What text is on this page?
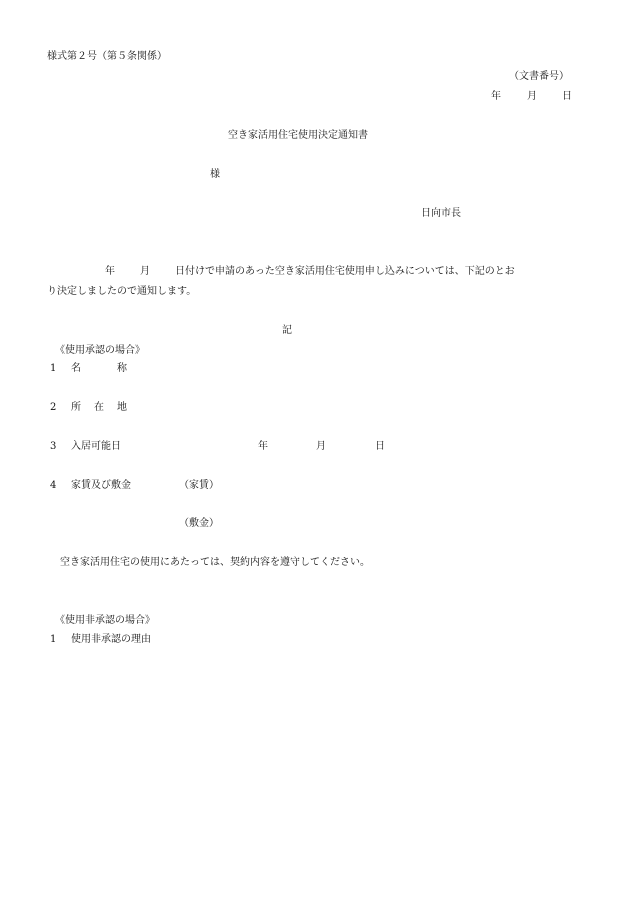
様式第２号（第５条関係）
（文書番号）
年	月	日
空き家活用住宅使用決定通知書
様
日向市長
年	月	日付けで申請のあった空き家活用住宅使用申し込みについては、下記のとお
り決定しましたので通知します。
記
《使用承認の場合》
1 名	称
2 所 在 地
3 入居可能日	年	月	日
4 家賃及び敷金	（家賃）
（敷金）
空き家活用住宅の使用にあたっては、契約内容を遵守してください。
《使用非承認の場合》
1 使用非承認の理由
